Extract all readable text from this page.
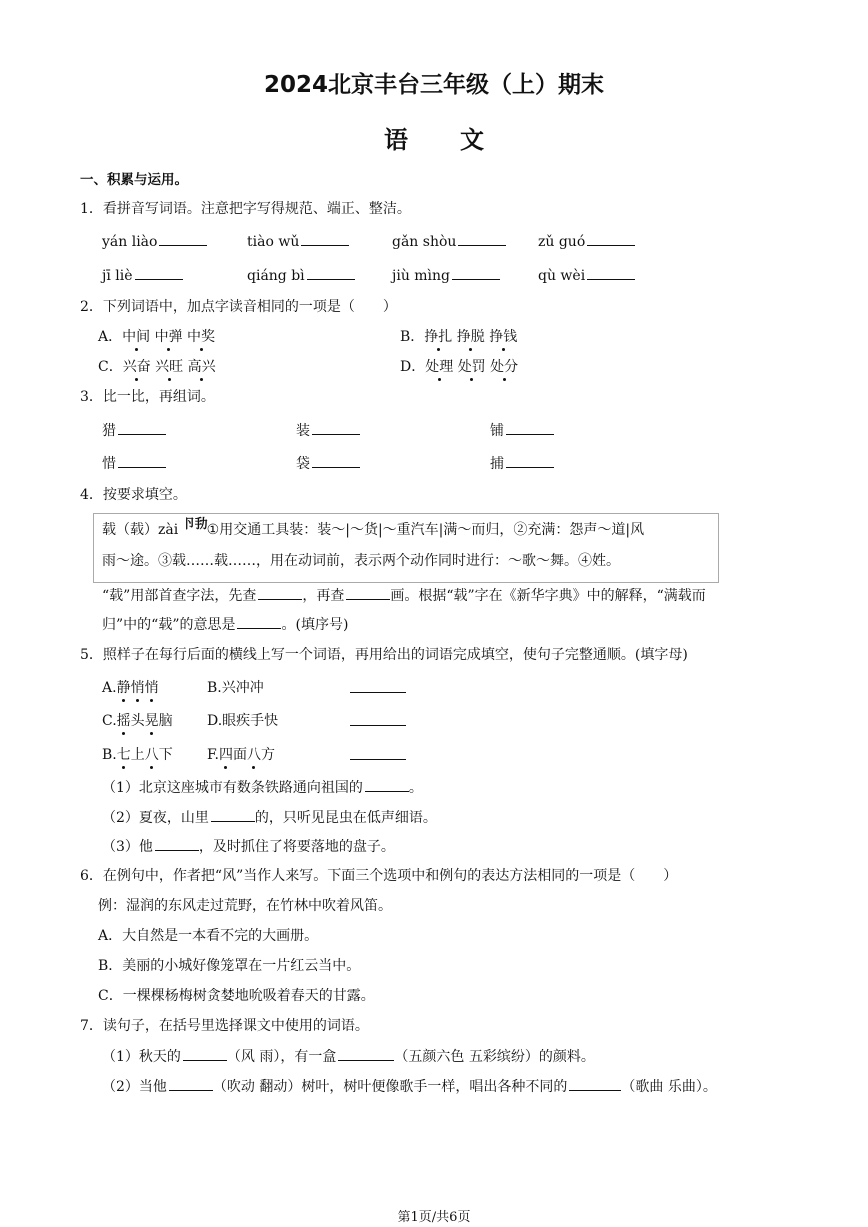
2024北京丰台三年级（上）期末
语 文
一、积累与运用。
1．看拼音写词语。注意把字写得规范、端正、整洁。
yán liào	tiào wǔ	gǎn shòu	zǔ guó
jī liè	qiáng bì	jiù mìng	qù wèi
2．下列词语中，加点字读音相同的一项是（　　）
A．中间 中弹 中奖	B．挣扎 挣脱 挣钱
C．兴奋 兴旺 高兴	D．处理 处罚 处分
3．比一比，再组词。
猎	装	铺
惜	袋	捕
4．按要求填空。
载（载）zài 卪劧①用交通工具装：装～|～货|～重汽车|满～而归，②充满：怨声～道|风
雨～途。③载……载……，用在动词前，表示两个动作同时进行：～歌～舞。④姓。
“载”用部首查字法，先查	，再查	画。根据“载”字在《新华字典》中的解释，“满载而
归”中的“载”的意思是	。(填序号)
5．照样子在每行后面的横线上写一个词语，再用给出的词语完成填空，使句子完整通顺。(填字母)
A.静悄悄	B.兴冲冲
C.摇头晃脑 D.眼疾手快
B.七上八下 F.四面八方
（1）北京这座城市有数条铁路通向祖国的	。
（2）夏夜，山里	的，只听见昆虫在低声细语。
（3）他	，及时抓住了将要落地的盘子。
6．在例句中，作者把“风”当作人来写。下面三个选项中和例句的表达方法相同的一项是（　　）
例：湿润的东风走过荒野，在竹林中吹着风笛。
A．大自然是一本看不完的大画册。
B．美丽的小城好像笼罩在一片红云当中。
C．一棵棵杨梅树贪婪地吮吸着春天的甘露。
7．读句子，在括号里选择课文中使用的词语。
（1）秋天的	（风 雨），有一盒	（五颜六色 五彩缤纷）的颜料。
（2）当他	（吹动 翻动）树叶，树叶便像歌手一样，唱出各种不同的	（歌曲 乐曲）。
第1页/共6页
